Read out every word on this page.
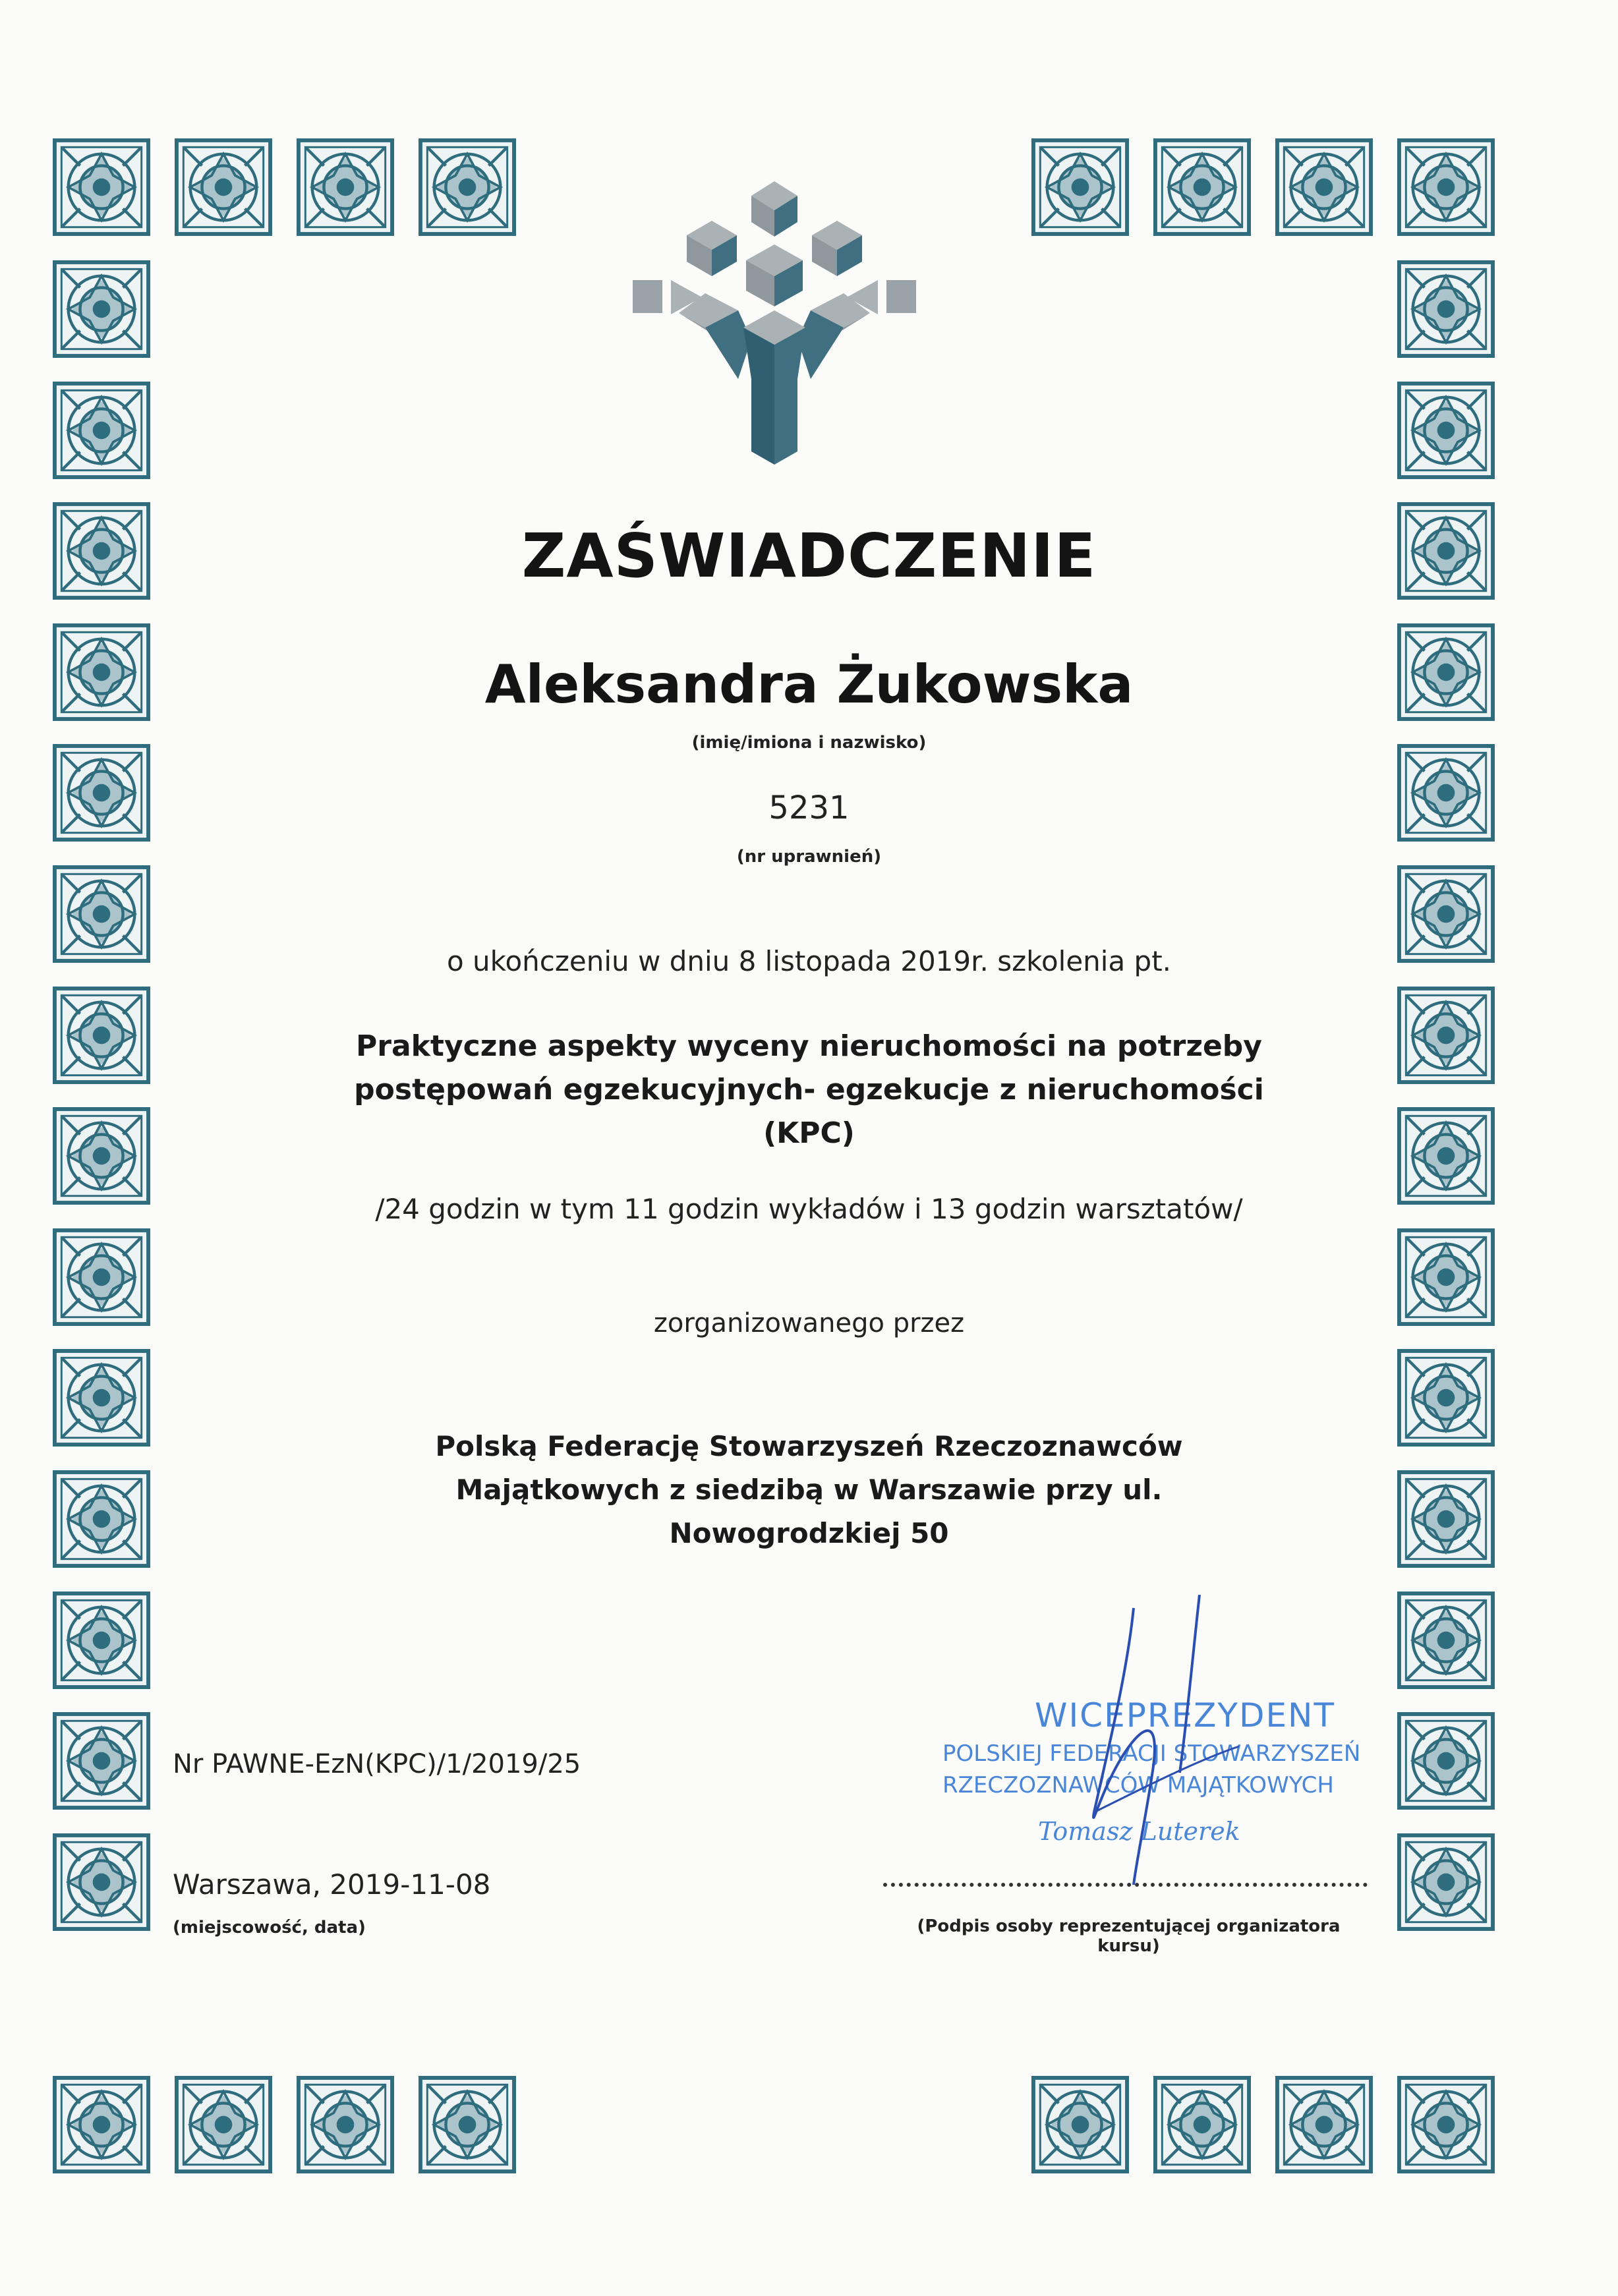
ZAŚWIADCZENIE
Aleksandra Żukowska
(imię/imiona i nazwisko)
5231
(nr uprawnień)
o ukończeniu w dniu 8 listopada 2019r. szkolenia pt.
Praktyczne aspekty wyceny nieruchomości na potrzeby
postępowań egzekucyjnych- egzekucje z nieruchomości
(KPC)
/24 godzin w tym 11 godzin wykładów i 13 godzin warsztatów/
zorganizowanego przez
Polską Federację Stowarzyszeń Rzeczoznawców
Majątkowych z siedzibą w Warszawie przy ul.
Nowogrodzkiej 50
Nr PAWNE-EzN(KPC)/1/2019/25
Warszawa, 2019-11-08
(miejscowość, data)
WICEPREZYDENT
POLSKIEJ FEDERACJI STOWARZYSZEŃ
RZECZOZNAWCÓW MAJĄTKOWYCH
Tomasz Luterek
(Podpis osoby reprezentującej organizatora kursu)
